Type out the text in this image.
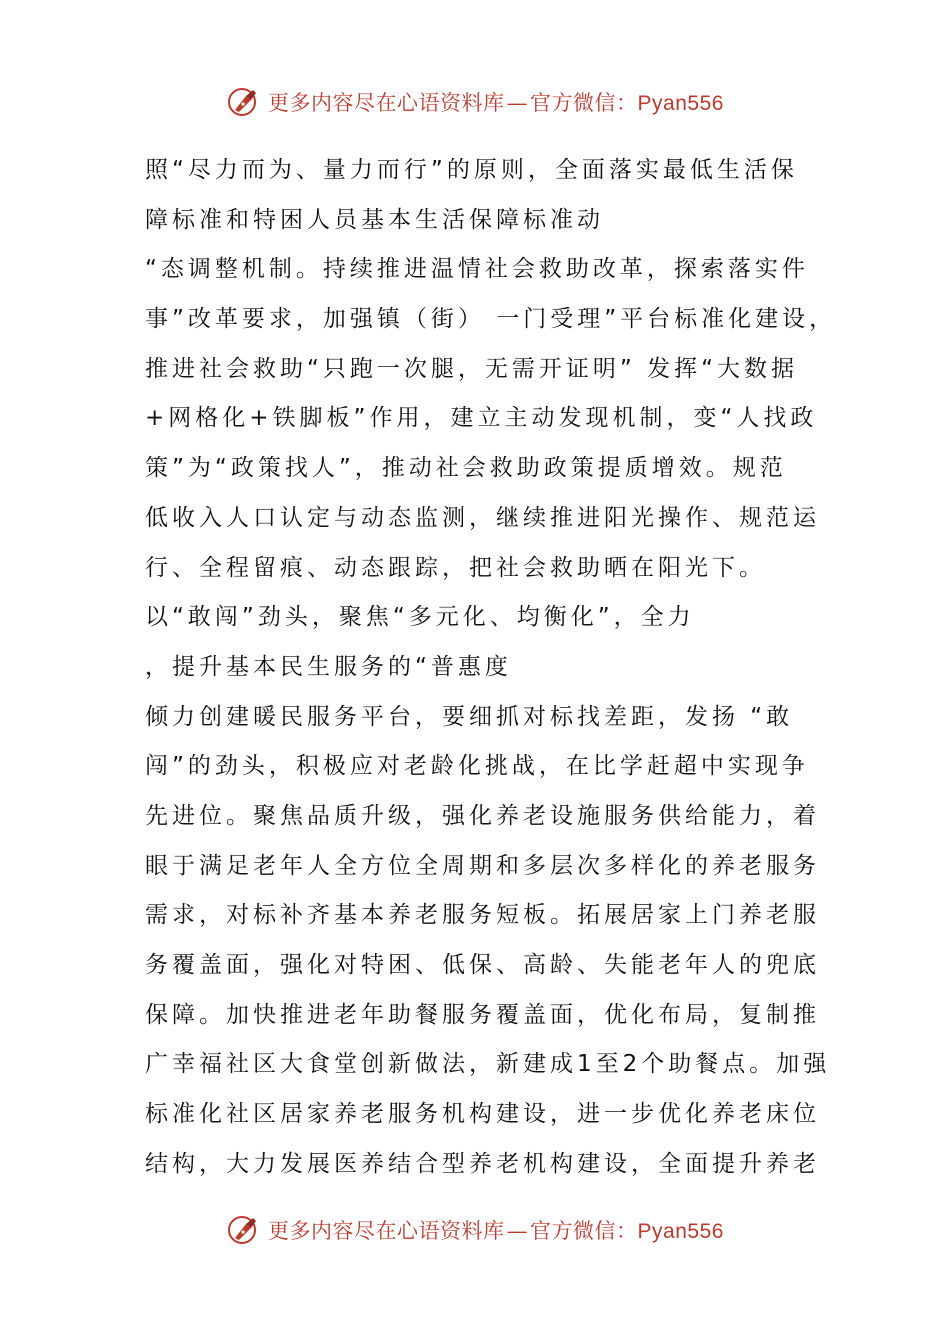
更多内容尽在心语资料库—官方微信：Pyan556
照“尽力而为、量力而行”的原则，全面落实最低生活保
障标准和特困人员基本生活保障标准动
“态调整机制。持续推进温情社会救助改革，探索落实件
事”改革要求，加强镇（街） 一门受理”平台标准化建设，
推进社会救助“只跑一次腿，无需开证明” 发挥“大数据
+网格化+铁脚板”作用，建立主动发现机制，变“人找政
策”为“政策找人”，推动社会救助政策提质增效。规范
低收入人口认定与动态监测，继续推进阳光操作、规范运
行、全程留痕、动态跟踪，把社会救助晒在阳光下。
以“敢闯”劲头，聚焦“多元化、均衡化”，全力
，提升基本民生服务的“普惠度
倾力创建暖民服务平台，要细抓对标找差距，发扬 “敢
闯”的劲头，积极应对老龄化挑战，在比学赶超中实现争
先进位。聚焦品质升级，强化养老设施服务供给能力，着
眼于满足老年人全方位全周期和多层次多样化的养老服务
需求，对标补齐基本养老服务短板。拓展居家上门养老服
务覆盖面，强化对特困、低保、高龄、失能老年人的兜底
保障。加快推进老年助餐服务覆盖面，优化布局，复制推
广幸福社区大食堂创新做法，新建成1至2个助餐点。加强
标准化社区居家养老服务机构建设，进一步优化养老床位
结构，大力发展医养结合型养老机构建设，全面提升养老
更多内容尽在心语资料库—官方微信：Pyan556
